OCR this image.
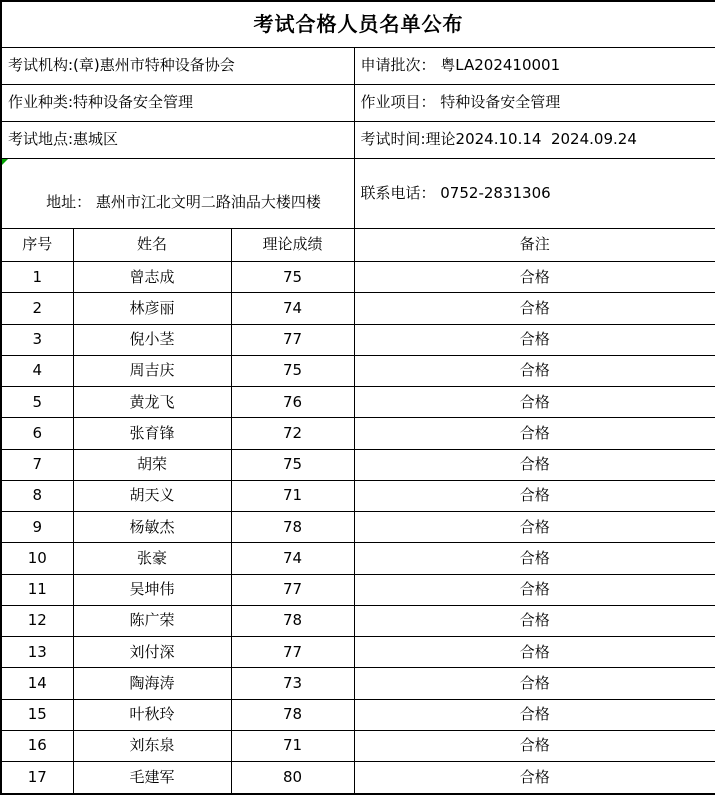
考试合格人员名单公布			
考试机构:(章)惠州市特种设备协会			申请批次： 粤LA202410001
作业种类:特种设备安全管理			作业项目： 特种设备安全管理
考试地点:惠城区			考试时间:理论2024.10.14  2024.09.24

地址： 惠州市江北文明二路油品大楼四楼			联系电话： 0752-2831306
序号	姓名	理论成绩	备注
1	曾志成	75	合格
2	林彦丽	74	合格
3	倪小茎	77	合格
4	周吉庆	75	合格
5	黄龙飞	76	合格
6	张育锋	72	合格
7	胡荣	75	合格
8	胡天义	71	合格
9	杨敏杰	78	合格
10	张豪	74	合格
11	吴坤伟	77	合格
12	陈广荣	78	合格
13	刘付深	77	合格
14	陶海涛	73	合格
15	叶秋玲	78	合格
16	刘东泉	71	合格
17	毛建军	80	合格
